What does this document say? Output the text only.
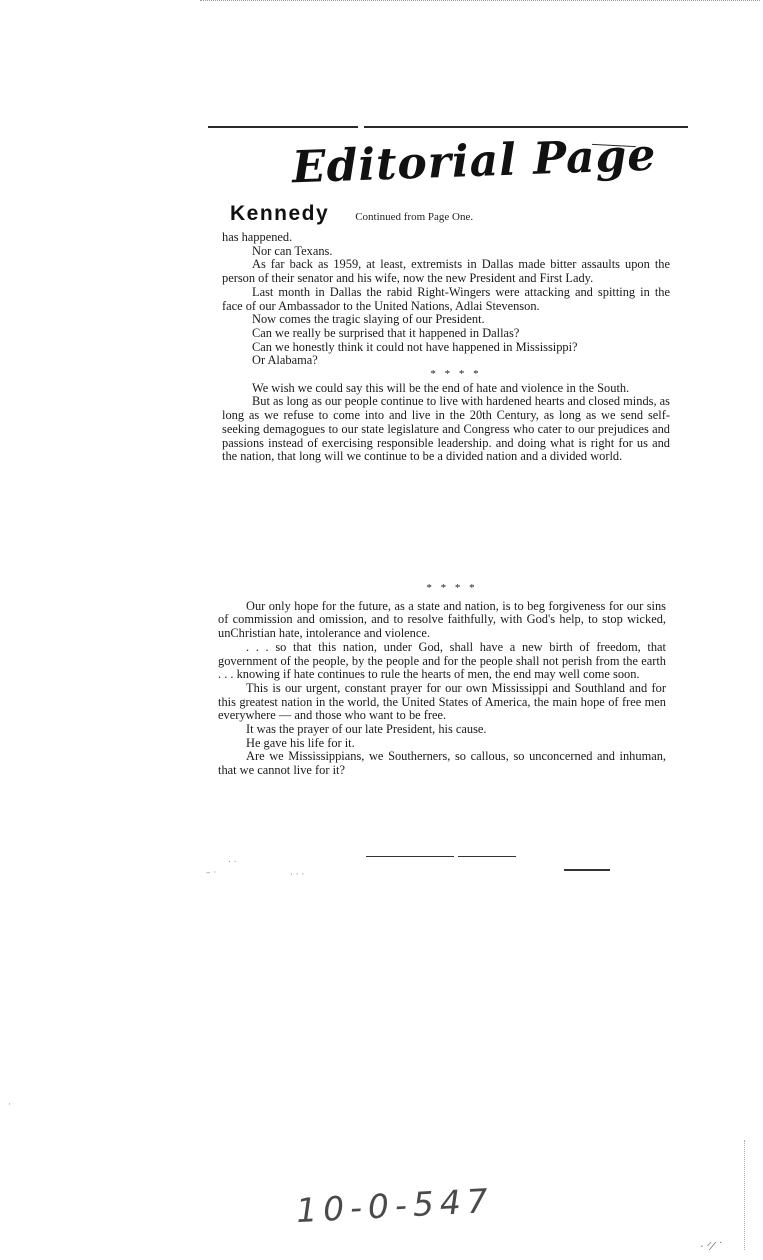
Editorial Page
Kennedy Continued from Page One.

has happened.

Nor can Texans.

As far back as 1959, at least, extremists in Dallas made bitter assaults upon the person of their senator and his wife, now the new President and First Lady.

Last month in Dallas the rabid Right-Wingers were attacking and spitting in the face of our Ambassador to the United Nations, Adlai Stevenson.

Now comes the tragic slaying of our President.

Can we really be surprised that it happened in Dallas?

Can we honestly think it could not have happened in Mississippi?

Or Alabama?

* * * *

We wish we could say this will be the end of hate and violence in the South.

But as long as our people continue to live with hardened hearts and closed minds, as long as we refuse to come into and live in the 20th Century, as long as we send self-seeking demagogues to our state legislature and Congress who cater to our prejudices and passions instead of exercising responsible leadership. and doing what is right for us and the nation, that long will we continue to be a divided nation and a divided world.

* * * *

Our only hope for the future, as a state and nation, is to beg forgiveness for our sins of commission and omission, and to resolve faithfully, with God's help, to stop wicked, unChristian hate, intolerance and violence.

. . . so that this nation, under God, shall have a new birth of freedom, that government of the people, by the people and for the people shall not perish from the earth . . . knowing if hate continues to rule the hearts of men, the end may well come soon.

This is our urgent, constant prayer for our own Mississippi and Southland and for this greatest nation in the world, the United States of America, the main hope of free men everywhere — and those who want to be free.

It was the prayer of our late President, his cause.

He gave his life for it.

Are we Mississippians, we Southerners, so callous, so unconcerned and inhuman, that we cannot live for it?

. .
– ·	· · ·
·
10-0-547
· ᐟ⁄ ˙
